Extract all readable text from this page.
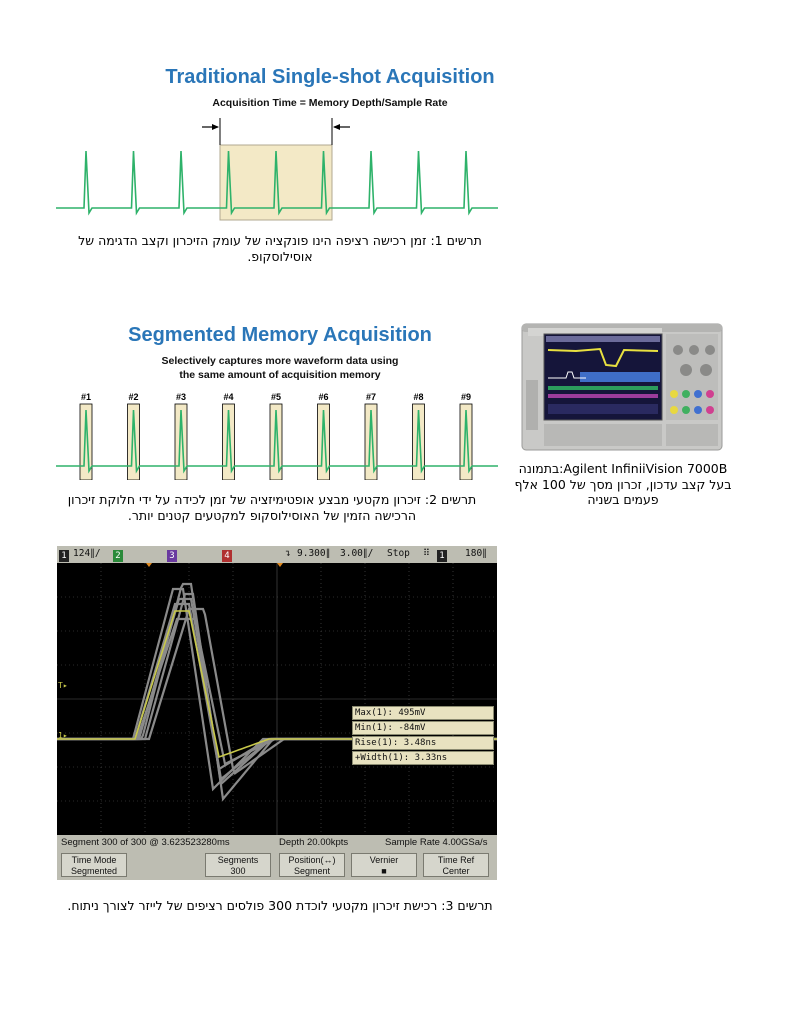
Traditional Single-shot Acquisition
Acquisition Time = Memory Depth/Sample Rate
תרשים 1: זמן רכישה רציפה הינו פונקציה של עומק הזיכרון וקצב הדגימה של
אוסילוסקופ.
Segmented Memory Acquisition
Selectively captures more waveform data using
the same amount of acquisition memory
#1	#2	#3	#4	#5	#6	#7	#8	#9
תרשים 2: זיכרון מקטעי מבצע אופטימיזציה של זמן לכידה על ידי חלוקת זיכרון
הרכישה הזמין של האוסילוסקופ למקטעים קטנים יותר.
Agilent InfiniiVision 7000B:בתמונה
בעל קצב עדכון, זכרון מסך של 100 אלף
פעמים בשניה
1 124∥/ 2	3	4	↴ 9.300∥ 3.00∥/ Stop ⠿ 1 180∥
T▸
1▸
Max(1): 495mV
Min(1): -84mV
Rise(1): 3.48ns
+Width(1): 3.33ns
Segment 300 of 300 @ 3.623523280ms	Depth 20.00kpts	Sample Rate 4.00GSa/s
Time Mode
Segmented
Segments
300
Position(↔)
Segment
Vernier
■
Time Ref
Center
תרשים 3: רכישת זיכרון מקטעי לוכדת 300 פולסים רציפים של לייזר לצורך ניתוח.
